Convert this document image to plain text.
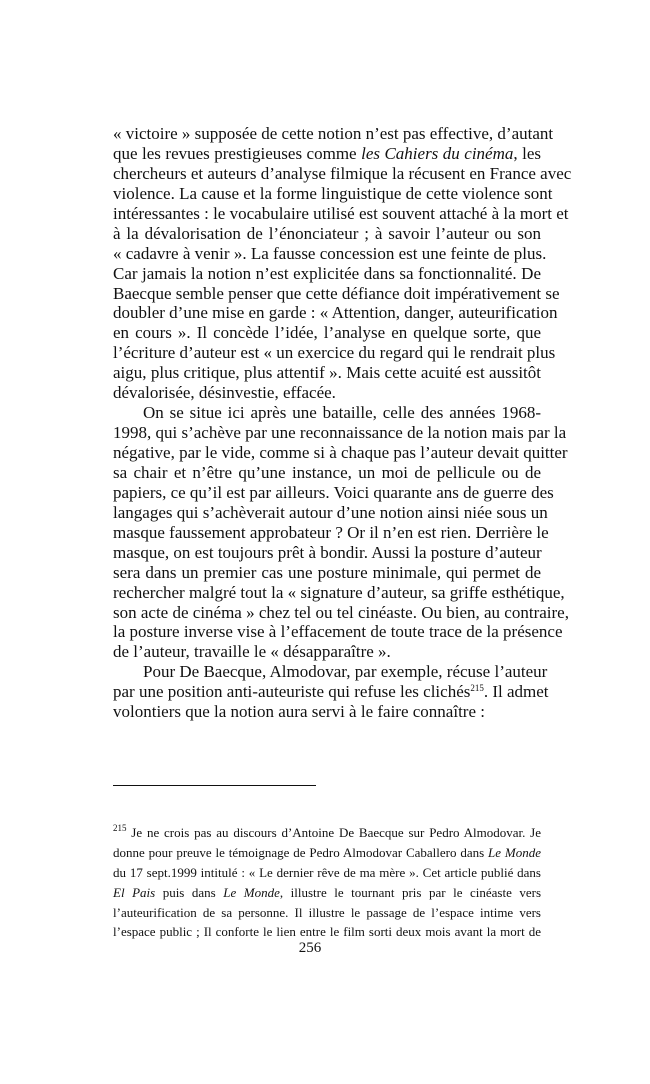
« victoire » supposée de cette notion n’est pas effective, d’autant
que les revues prestigieuses comme les Cahiers du cinéma, les
chercheurs et auteurs d’analyse filmique la récusent en France avec
violence. La cause et la forme linguistique de cette violence sont
intéressantes : le vocabulaire utilisé est souvent attaché à la mort et
à la dévalorisation de l’énonciateur ; à savoir l’auteur ou son
« cadavre à venir ». La fausse concession est une feinte de plus.
Car jamais la notion n’est explicitée dans sa fonctionnalité. De
Baecque semble penser que cette défiance doit impérativement se
doubler d’une mise en garde : « Attention, danger, auteurification
en cours ». Il concède l’idée, l’analyse en quelque sorte, que
l’écriture d’auteur est « un exercice du regard qui le rendrait plus
aigu, plus critique, plus attentif ». Mais cette acuité est aussitôt
dévalorisée, désinvestie, effacée.
On se situe ici après une bataille, celle des années 1968-
1998, qui s’achève par une reconnaissance de la notion mais par la
négative, par le vide, comme si à chaque pas l’auteur devait quitter
sa chair et n’être qu’une instance, un moi de pellicule ou de
papiers, ce qu’il est par ailleurs. Voici quarante ans de guerre des
langages qui s’achèverait autour d’une notion ainsi niée sous un
masque faussement approbateur ? Or il n’en est rien. Derrière le
masque, on est toujours prêt à bondir. Aussi la posture d’auteur
sera dans un premier cas une posture minimale, qui permet de
rechercher malgré tout la « signature d’auteur, sa griffe esthétique,
son acte de cinéma » chez tel ou tel cinéaste. Ou bien, au contraire,
la posture inverse vise à l’effacement de toute trace de la présence
de l’auteur, travaille le « désapparaître ».
Pour De Baecque, Almodovar, par exemple, récuse l’auteur
par une position anti-auteuriste qui refuse les clichés$^{215}$. Il admet
volontiers que la notion aura servi à le faire connaître :
$^{215}$ Je ne crois pas au discours d’Antoine De Baecque sur Pedro Almodovar. Je
donne pour preuve le témoignage de Pedro Almodovar Caballero dans Le Monde
du 17 sept.1999 intitulé : « Le dernier rêve de ma mère ». Cet article publié dans
El Pais puis dans Le Monde, illustre le tournant pris par le cinéaste vers
l’auteurification de sa personne. Il illustre le passage de l’espace intime vers
l’espace public ; Il conforte le lien entre le film sorti deux mois avant la mort de
256
